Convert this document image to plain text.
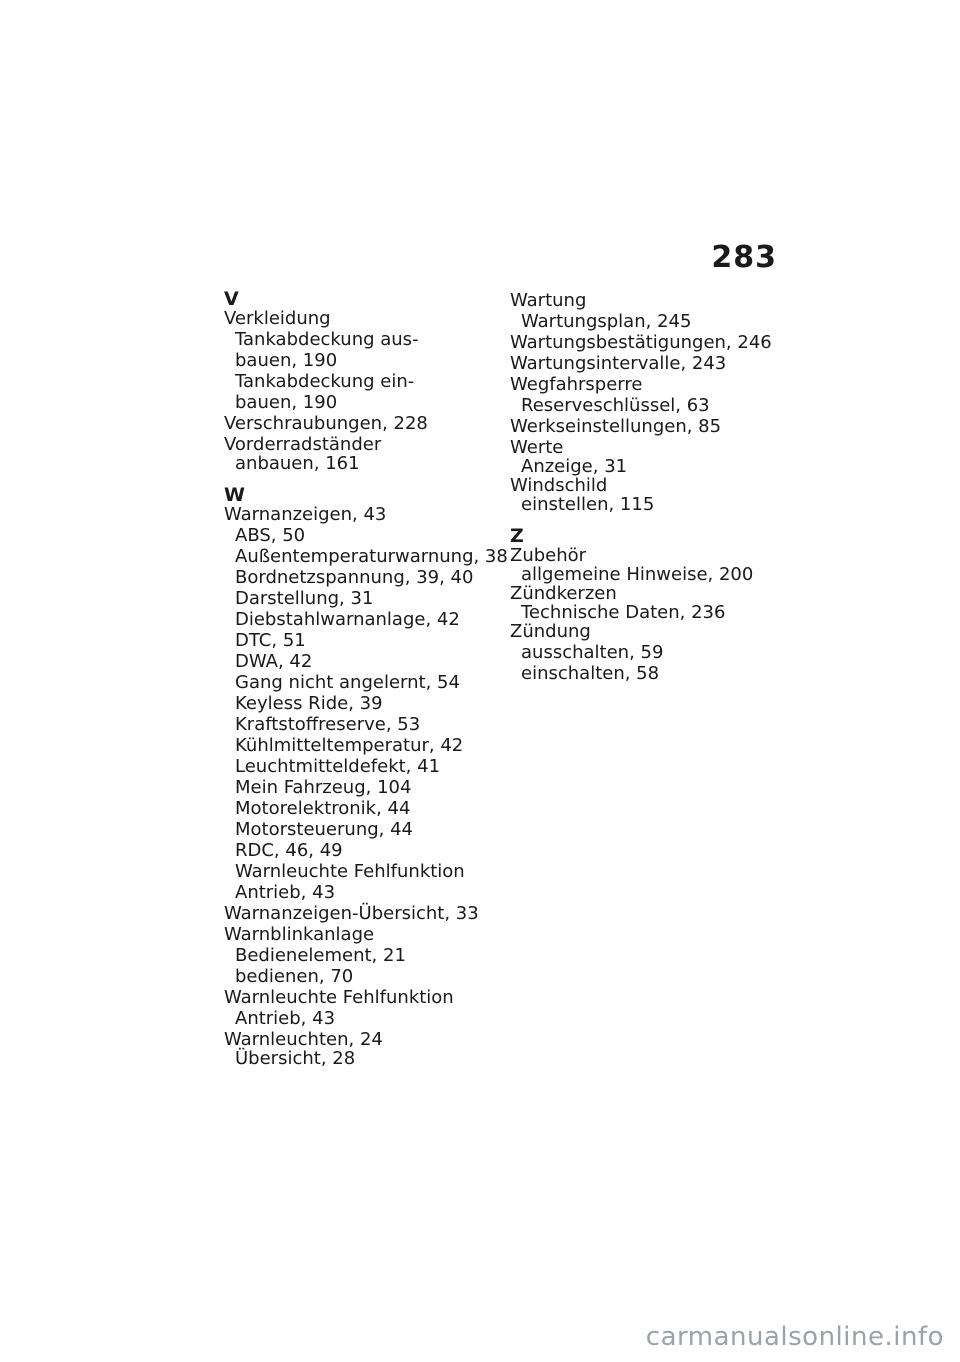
283
V
Verkleidung
Tankabdeckung aus-
bauen, 190
Tankabdeckung ein-
bauen, 190
Verschraubungen, 228
Vorderradständer
anbauen, 161
W
Warnanzeigen, 43
ABS, 50
Außentemperaturwarnung, 38
Bordnetzspannung, 39, 40
Darstellung, 31
Diebstahlwarnanlage, 42
DTC, 51
DWA, 42
Gang nicht angelernt, 54
Keyless Ride, 39
Kraftstoffreserve, 53
Kühlmitteltemperatur, 42
Leuchtmitteldefekt, 41
Mein Fahrzeug, 104
Motorelektronik, 44
Motorsteuerung, 44
RDC, 46, 49
Warnleuchte Fehlfunktion
Antrieb, 43
Warnanzeigen-Übersicht, 33
Warnblinkanlage
Bedienelement, 21
bedienen, 70
Warnleuchte Fehlfunktion
Antrieb, 43
Warnleuchten, 24
Übersicht, 28
Wartung
Wartungsplan, 245
Wartungsbestätigungen, 246
Wartungsintervalle, 243
Wegfahrsperre
Reserveschlüssel, 63
Werkseinstellungen, 85
Werte
Anzeige, 31
Windschild
einstellen, 115
Z
Zubehör
allgemeine Hinweise, 200
Zündkerzen
Technische Daten, 236
Zündung
ausschalten, 59
einschalten, 58
carmanualsonline.info
